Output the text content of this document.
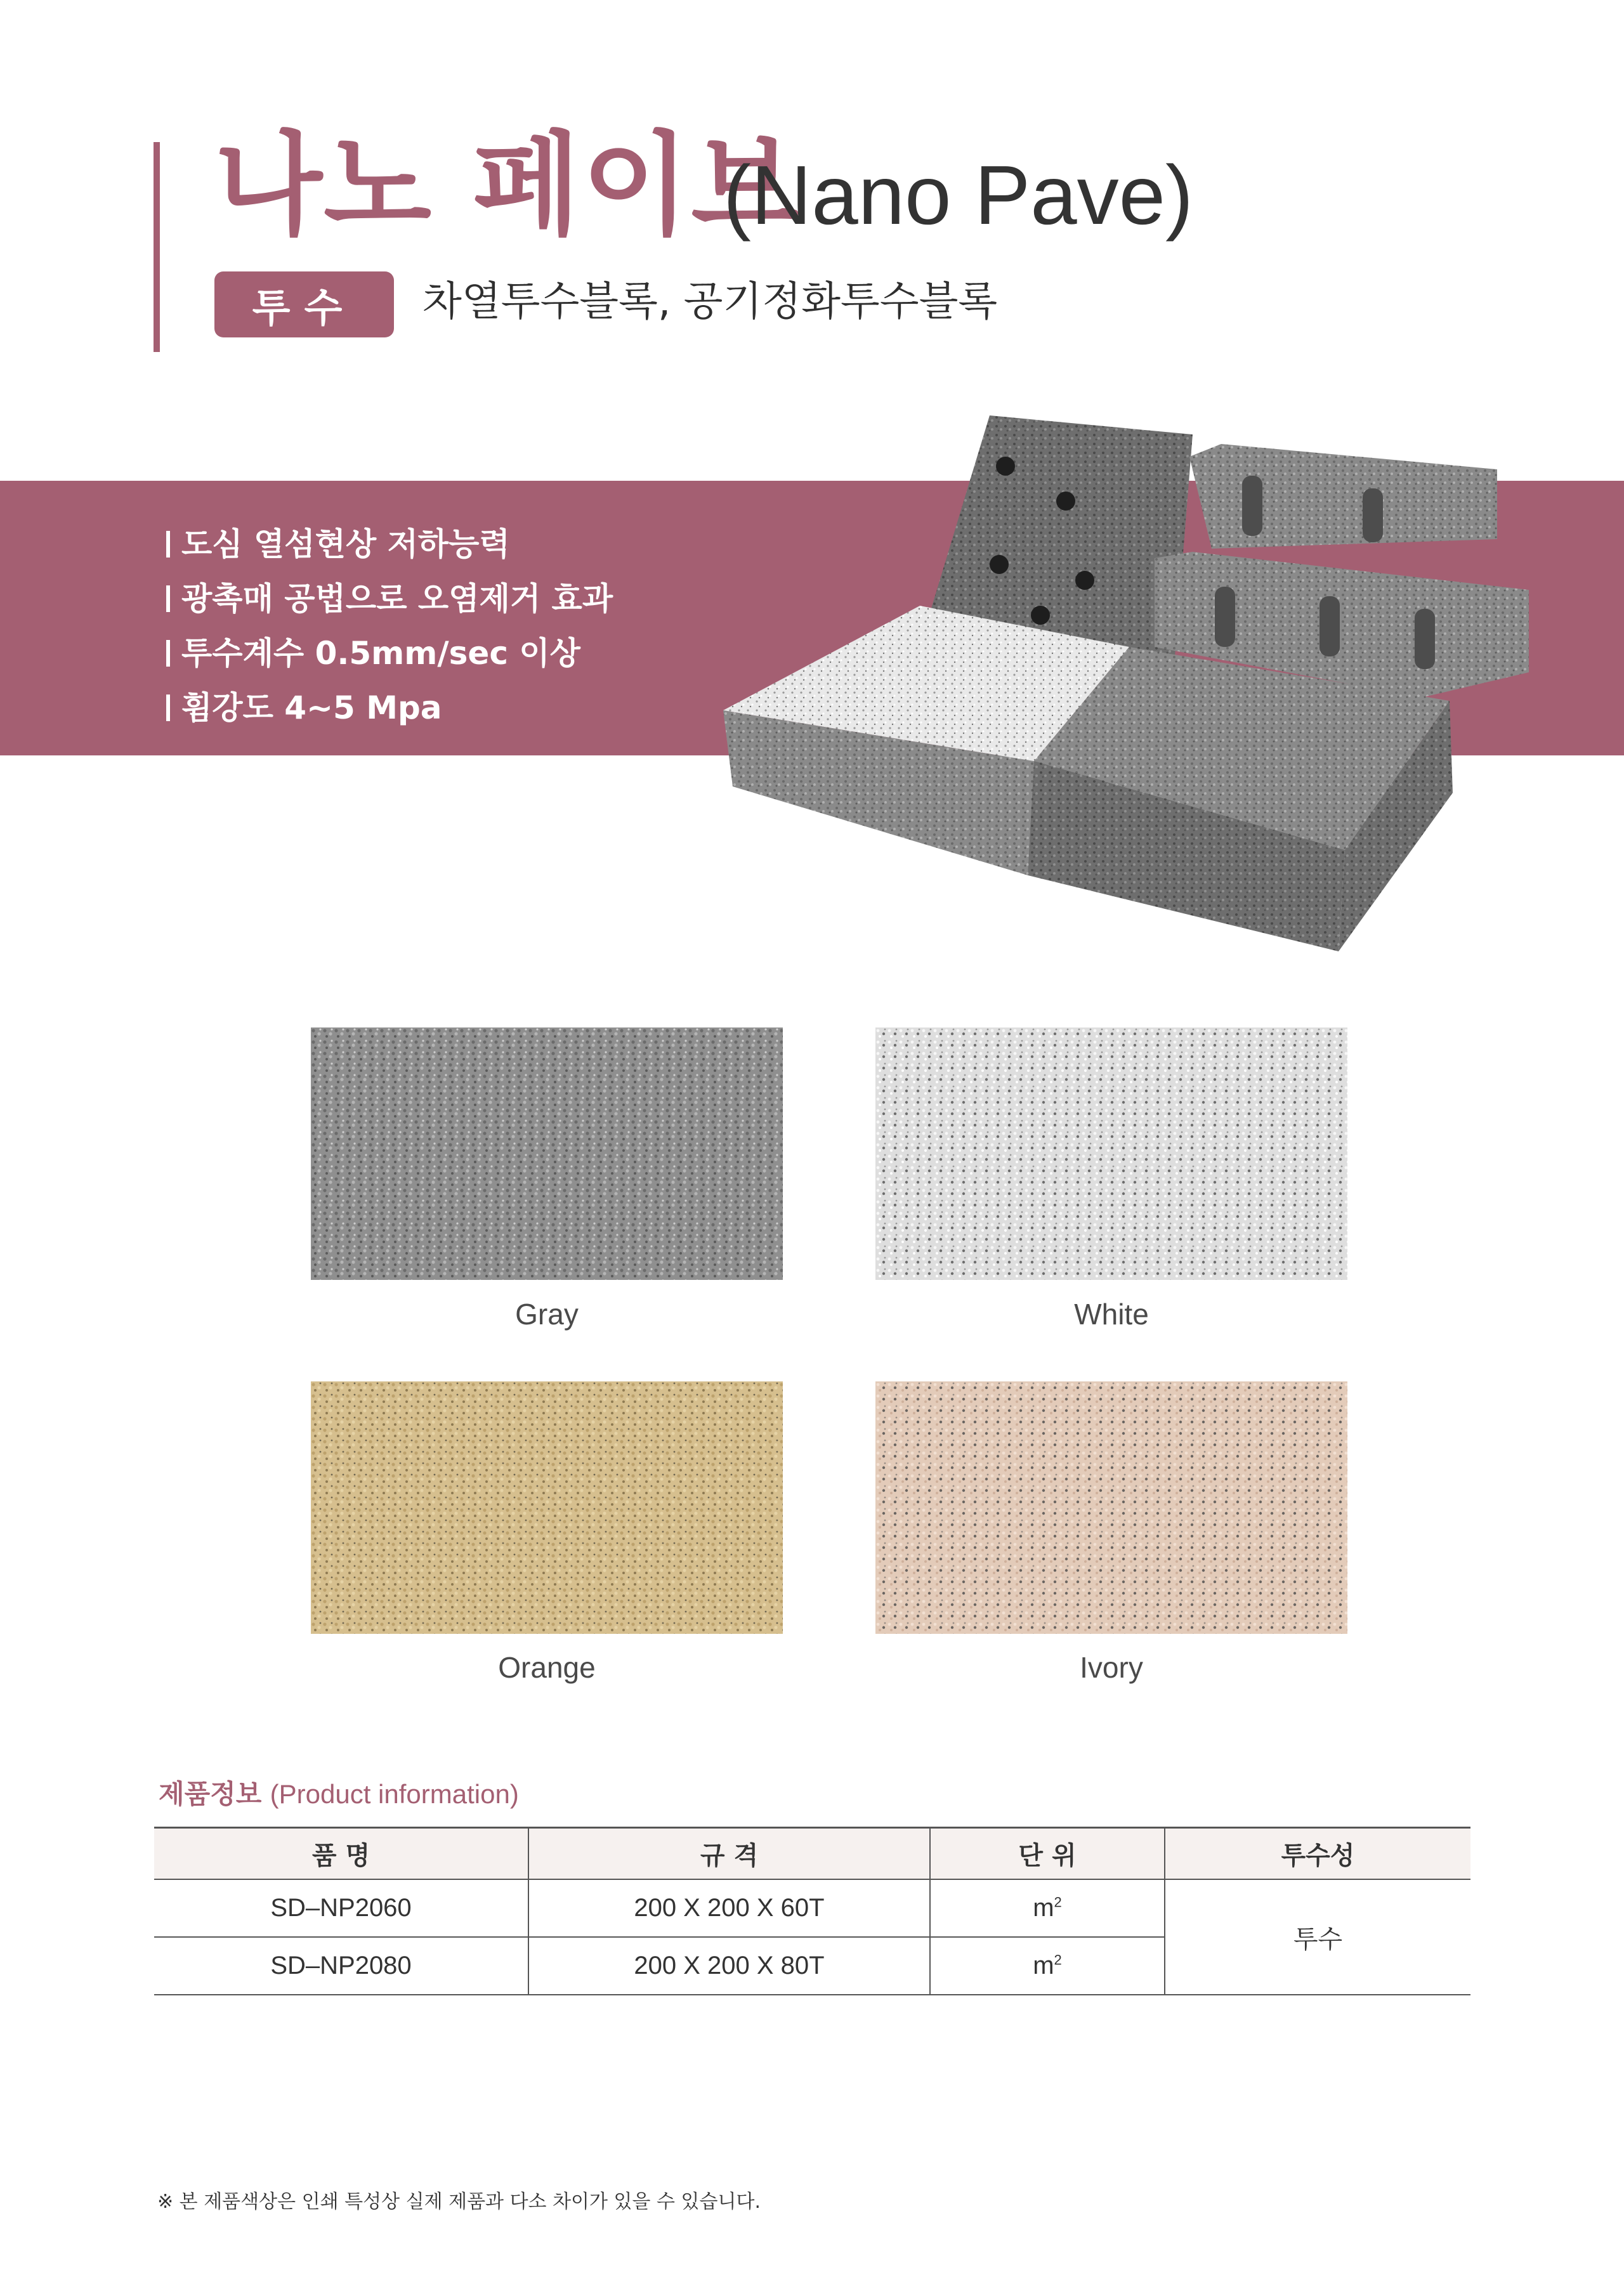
나노 페이브
(Nano Pave)
투수	차열투수블록, 공기정화투수블록
도심 열섬현상 저하능력
광촉매 공법으로 오염제거 효과
투수계수 0.5mm/sec 이상
휨강도 4~5 Mpa
Gray	White
Orange	Ivory
제품정보 (Product information)
품 명	규 격	단 위	투수성
SD–NP2060	200 X 200 X 60T	$m^2$	투수
SD–NP2080	200 X 200 X 80T	$m^2$
※ 본 제품색상은 인쇄 특성상 실제 제품과 다소 차이가 있을 수 있습니다.
